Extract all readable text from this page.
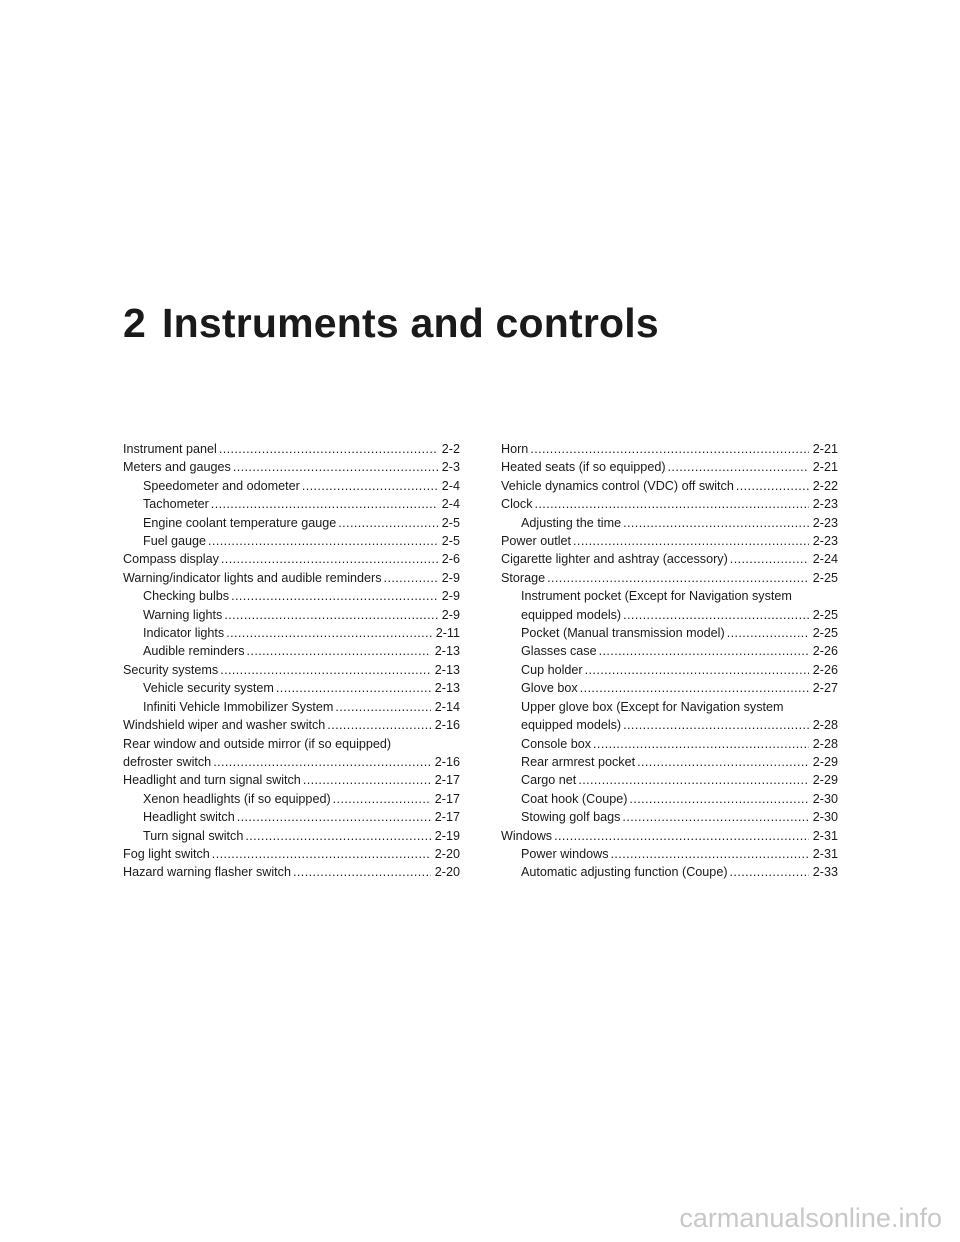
2 Instruments and controls
Instrument panel .....	2-2
Meters and gauges .....	2-3
Speedometer and odometer .....	2-4
Tachometer .....	2-4
Engine coolant temperature gauge .....	2-5
Fuel gauge .....	2-5
Compass display .....	2-6
Warning/indicator lights and audible reminders .....	2-9
Checking bulbs .....	2-9
Warning lights .....	2-9
Indicator lights .....	2-11
Audible reminders .....	2-13
Security systems .....	2-13
Vehicle security system .....	2-13
Infiniti Vehicle Immobilizer System .....	2-14
Windshield wiper and washer switch .....	2-16
Rear window and outside mirror (if so equipped)
defroster switch .....	2-16
Headlight and turn signal switch .....	2-17
Xenon headlights (if so equipped) .....	2-17
Headlight switch .....	2-17
Turn signal switch .....	2-19
Fog light switch .....	2-20
Hazard warning flasher switch .....	2-20
Horn .....	2-21
Heated seats (if so equipped) .....	2-21
Vehicle dynamics control (VDC) off switch .....	2-22
Clock .....	2-23
Adjusting the time .....	2-23
Power outlet .....	2-23
Cigarette lighter and ashtray (accessory) .....	2-24
Storage .....	2-25
Instrument pocket (Except for Navigation system
equipped models) .....	2-25
Pocket (Manual transmission model) .....	2-25
Glasses case .....	2-26
Cup holder .....	2-26
Glove box .....	2-27
Upper glove box (Except for Navigation system
equipped models) .....	2-28
Console box .....	2-28
Rear armrest pocket .....	2-29
Cargo net .....	2-29
Coat hook (Coupe) .....	2-30
Stowing golf bags .....	2-30
Windows .....	2-31
Power windows .....	2-31
Automatic adjusting function (Coupe) .....	2-33
carmanualsonline.info
